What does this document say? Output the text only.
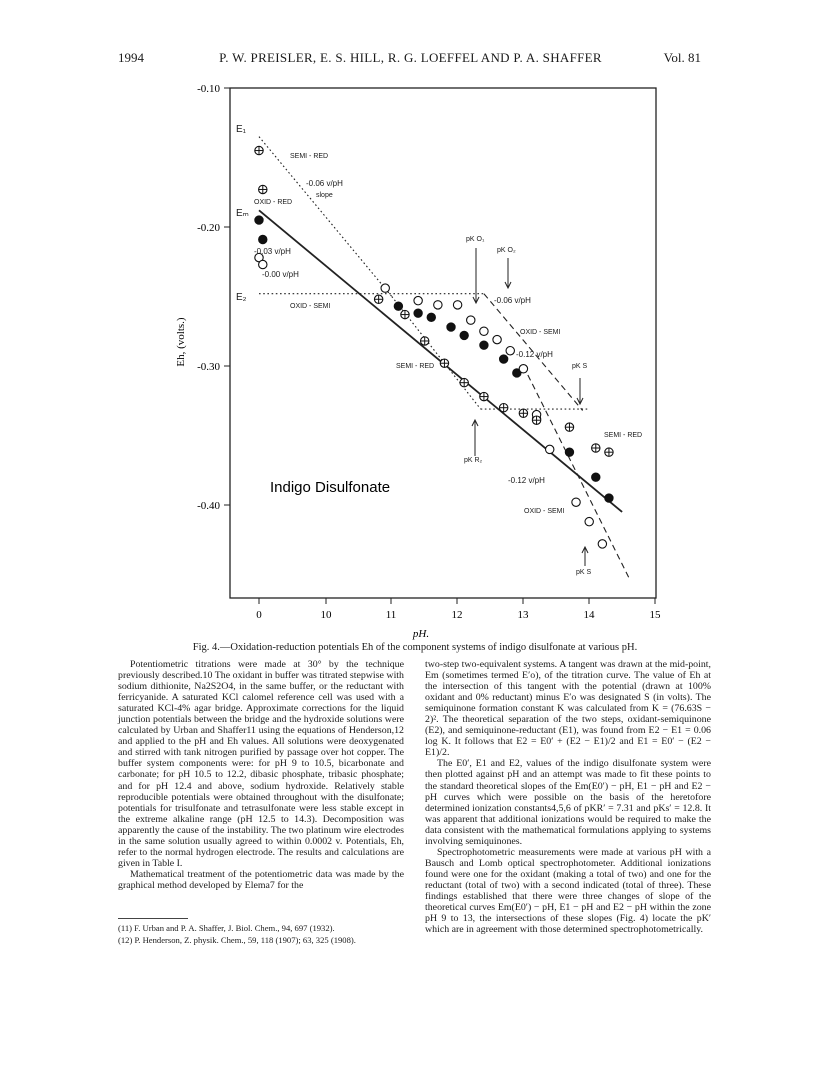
1994	P. W. PREISLER, E. S. HILL, R. G. LOEFFEL AND P. A. SHAFFER	Vol. 81
0	10	11	12	13	14	15
-0.10
-0.20
-0.30
-0.40
E₁
Eₘ
E₂
SEMI - RED
-0.06 v/pH
slope
OXID - RED
-0.03 v/pH
-0.00 v/pH
OXID - SEMI
pK O₁
pK O₂
-0.06 v/pH
OXID - SEMI
-0.12 v/pH
SEMI - RED	pK S
SEMI - RED
pK R₂
-0.12 v/pH
OXID - SEMI
pK S
Indigo Disulfonate
pH.
Eh, (volts.)
Fig. 4.—Oxidation-reduction potentials Eh of the component systems of indigo disulfonate at various pH.

Potentiometric titrations were made at 30° by the technique previously described.10 The oxidant in buffer was titrated stepwise with sodium dithionite, Na2S2O4, in the same buffer, or the reductant with ferricyanide. A saturated KCl calomel reference cell was used with a saturated KCl-4% agar bridge. Approximate corrections for the liquid junction potentials between the bridge and the hydroxide solutions were calculated by Urban and Shaffer11 using the equations of Henderson,12 and applied to the pH and Eh values. All solutions were deoxygenated and stirred with tank nitrogen purified by passage over hot copper. The buffer system components were: for pH 9 to 10.5, bicarbonate and carbonate; for pH 10.5 to 12.2, dibasic phosphate, tribasic phosphate; and for pH 12.4 and above, sodium hydroxide. Relatively stable reproducible potentials were obtained throughout with the disulfonate; potentials for trisulfonate and tetrasulfonate were less stable except in the extreme alkaline range (pH 12.5 to 14.3). Decomposition was apparently the cause of the instability. The two platinum wire electrodes in the same solution usually agreed to within 0.0002 v. Potentials, Eh, refer to the normal hydrogen electrode. The results and calculations are given in Table I.

Mathematical treatment of the potentiometric data was made by the graphical method developed by Elema7 for the

two-step two-equivalent systems. A tangent was drawn at the mid-point, Em (sometimes termed E′o), of the titration curve. The value of Eh at the intersection of this tangent with the potential (drawn at 100% oxidant and 0% reductant) minus E′o was designated S (in volts). The semiquinone formation constant K was calculated from K = (76.63S − 2)². The theoretical separation of the two steps, oxidant-semiquinone (E2), and semiquinone-reductant (E1), was found from E2 − E1 = 0.06 log K. It follows that E2 = E0′ + (E2 − E1)/2 and E1 = E0′ − (E2 − E1)/2.

The E0′, E1 and E2, values of the indigo disulfonate system were then plotted against pH and an attempt was made to fit these points to the standard theoretical slopes of the Em(E0′) − pH, E1 − pH and E2 − pH curves which were possible on the basis of the heretofore determined ionization constants4,5,6 of pKR′ = 7.31 and pKs′ = 12.8. It was apparent that additional ionizations would be required to make the data consistent with the mathematical formulations applying to systems involving semiquinones.

Spectrophotometric measurements were made at various pH with a Bausch and Lomb optical spectrophotometer. Additional ionizations found were one for the oxidant (making a total of two) and one for the reductant (total of two) with a second indicated (total of three). These findings established that there were three changes of slope of the theoretical curves Em(E0′) − pH, E1 − pH and E2 − pH within the zone pH 9 to 13, the intersections of these slopes (Fig. 4) locate the pK′ which are in agreement with those determined spectrophotometrically.

(11) F. Urban and P. A. Shaffer, J. Biol. Chem., 94, 697 (1932).
(12) P. Henderson, Z. physik. Chem., 59, 118 (1907); 63, 325 (1908).
